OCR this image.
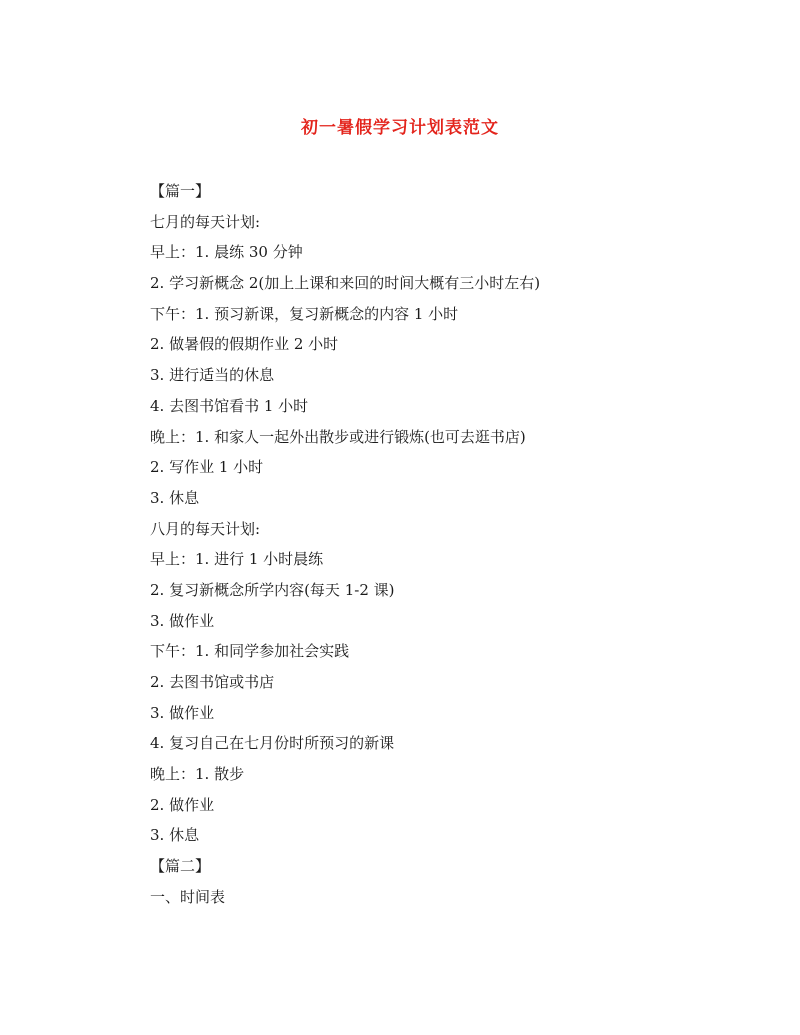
初一暑假学习计划表范文
【篇一】
七月的每天计划:
早上：1. 晨练 30 分钟
2. 学习新概念 2(加上上课和来回的时间大概有三小时左右)
下午：1. 预习新课，复习新概念的内容 1 小时
2. 做暑假的假期作业 2 小时
3. 进行适当的休息
4. 去图书馆看书 1 小时
晚上：1. 和家人一起外出散步或进行锻炼(也可去逛书店)
2. 写作业 1 小时
3. 休息
八月的每天计划:
早上：1. 进行 1 小时晨练
2. 复习新概念所学内容(每天 1-2 课)
3. 做作业
下午：1. 和同学参加社会实践
2. 去图书馆或书店
3. 做作业
4. 复习自己在七月份时所预习的新课
晚上：1. 散步
2. 做作业
3. 休息
【篇二】
一、时间表
